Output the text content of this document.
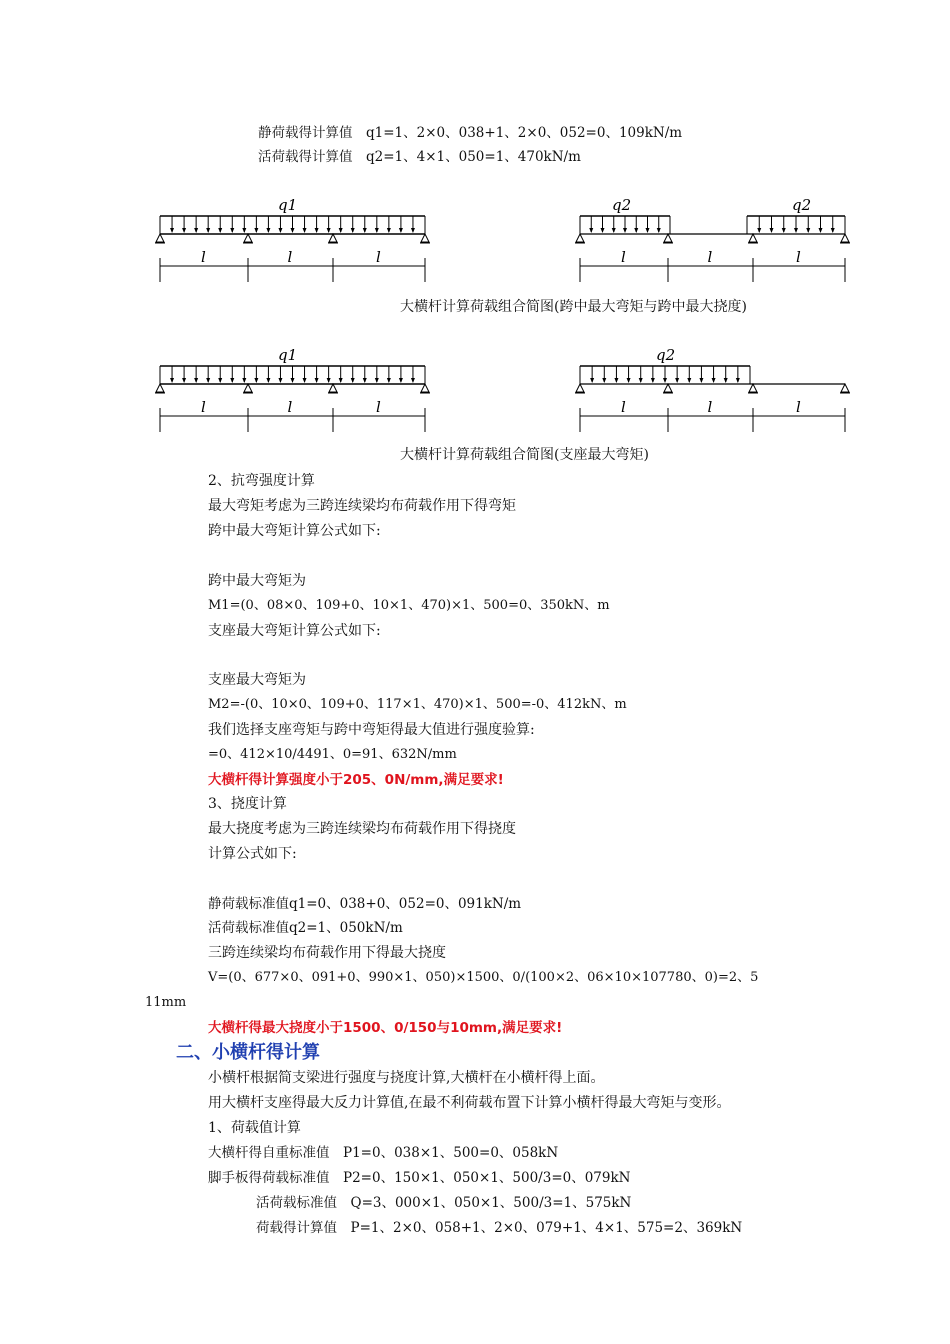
静荷载得计算值　q1=1、2×0、038+1、2×0、052=0、109kN/m
活荷载得计算值　q2=1、4×1、050=1、470kN/m
q1
l	l	l
q2	q2
l	l	l
大横杆计算荷载组合简图(跨中最大弯矩与跨中最大挠度)
q1
l	l	l
q2
l	l	l
大横杆计算荷载组合简图(支座最大弯矩)
2、抗弯强度计算
最大弯矩考虑为三跨连续梁均布荷载作用下得弯矩
跨中最大弯矩计算公式如下:
跨中最大弯矩为
M1=(0、08×0、109+0、10×1、470)×1、500=0、350kN、m
支座最大弯矩计算公式如下:
支座最大弯矩为
M2=-(0、10×0、109+0、117×1、470)×1、500=-0、412kN、m
我们选择支座弯矩与跨中弯矩得最大值进行强度验算:
=0、412×10/4491、0=91、632N/mm
大横杆得计算强度小于205、0N/mm,满足要求!
3、挠度计算
最大挠度考虑为三跨连续梁均布荷载作用下得挠度
计算公式如下:
静荷载标准值q1=0、038+0、052=0、091kN/m
活荷载标准值q2=1、050kN/m
三跨连续梁均布荷载作用下得最大挠度
V=(0、677×0、091+0、990×1、050)×1500、0/(100×2、06×10×107780、0)=2、5
11mm
大横杆得最大挠度小于1500、0/150与10mm,满足要求!
二、小横杆得计算
小横杆根据简支梁进行强度与挠度计算,大横杆在小横杆得上面。
用大横杆支座得最大反力计算值,在最不利荷载布置下计算小横杆得最大弯矩与变形。
1、荷载值计算
大横杆得自重标准值　P1=0、038×1、500=0、058kN
脚手板得荷载标准值　P2=0、150×1、050×1、500/3=0、079kN
活荷载标准值　Q=3、000×1、050×1、500/3=1、575kN
荷载得计算值　P=1、2×0、058+1、2×0、079+1、4×1、575=2、369kN
